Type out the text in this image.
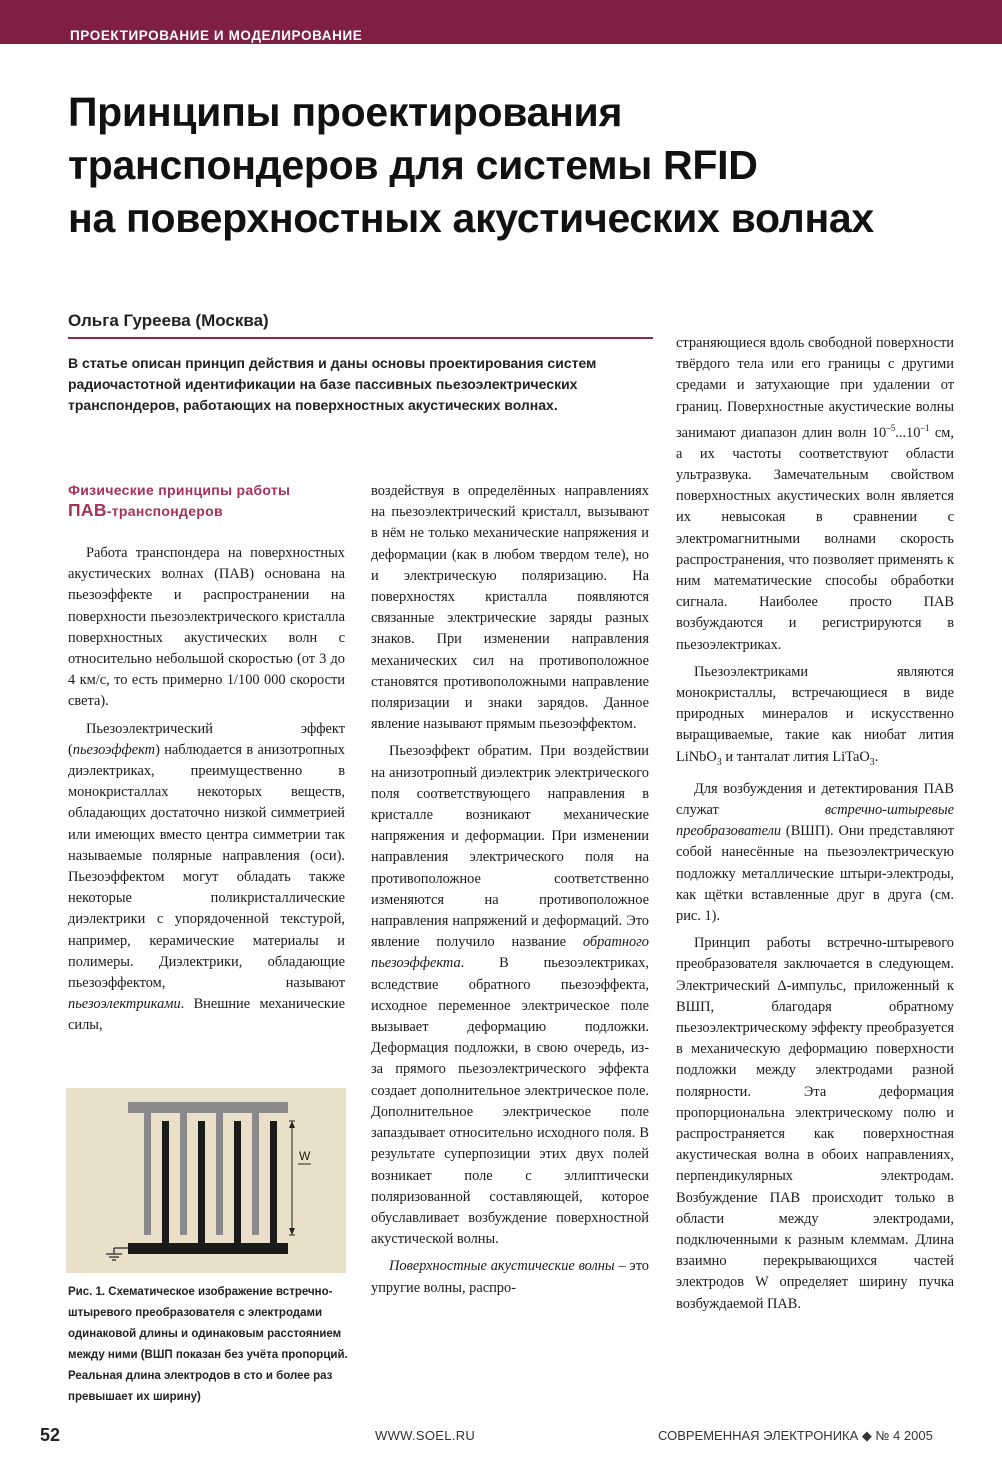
ПРОЕКТИРОВАНИЕ И МОДЕЛИРОВАНИЕ
Принципы проектирования
транспондеров для системы RFID
на поверхностных акустических волнах
Ольга Гуреева (Москва)

В статье описан принцип действия и даны основы проектирования систем радиочастотной идентификации на базе пассивных пьезоэлектрических транспондеров, работающих на поверхностных акустических волнах.

Физические принципы работы
ПАВ-транспондеров

Работа транспондера на поверхностных акустических волнах (ПАВ) основана на пьезоэффекте и распространении на поверхности пьезоэлектрического кристалла поверхностных акустических волн с относительно небольшой скоростью (от 3 до 4 км/с, то есть примерно 1/100 000 скорости света).

Пьезоэлектрический эффект (пьезоэффект) наблюдается в анизотропных диэлектриках, преимущественно в монокристаллах некоторых веществ, обладающих достаточно низкой симметрией или имеющих вместо центра симметрии так называемые полярные направления (оси). Пьезоэффектом могут обладать также некоторые поликристаллические диэлектрики с упорядоченной текстурой, например, керамические материалы и полимеры. Диэлектрики, обладающие пьезоэффектом, называют пьезоэлектриками. Внешние механические силы,

W

Рис. 1. Схематическое изображение встречно-штыревого преобразователя с электродами одинаковой длины и одинаковым расстоянием между ними (ВШП показан без учёта пропорций. Реальная длина электродов в сто и более раз превышает их ширину)

воздействуя в определённых направлениях на пьезоэлектрический кристалл, вызывают в нём не только механические напряжения и деформации (как в любом твердом теле), но и электрическую поляризацию. На поверхностях кристалла появляются связанные электрические заряды разных знаков. При изменении направления механических сил на противоположное становятся противоположными направление поляризации и знаки зарядов. Данное явление называют прямым пьезоэффектом.

Пьезоэффект обратим. При воздействии на анизотропный диэлектрик электрического поля соответствующего направления в кристалле возникают механические напряжения и деформации. При изменении направления электрического поля на противоположное соответственно изменяются на противоположное направления напряжений и деформаций. Это явление получило название обратного пьезоэффекта. В пьезоэлектриках, вследствие обратного пьезоэффекта, исходное переменное электрическое поле вызывает деформацию подложки. Деформация подложки, в свою очередь, из-за прямого пьезоэлектрического эффекта создает дополнительное электрическое поле. Дополнительное электрическое поле запаздывает относительно исходного поля. В результате суперпозиции этих двух полей возникает поле с эллиптически поляризованной составляющей, которое обуславливает возбуждение поверхностной акустической волны.

Поверхностные акустические волны – это упругие волны, распро-

страняющиеся вдоль свободной поверхности твёрдого тела или его границы с другими средами и затухающие при удалении от границ. Поверхностные акустические волны занимают диапазон длин волн $10^{-5}...10^{-1}$ см, а их частоты соответствуют области ультразвука. Замечательным свойством поверхностных акустических волн является их невысокая в сравнении с электромагнитными волнами скорость распространения, что позволяет применять к ним математические способы обработки сигнала. Наиболее просто ПАВ возбуждаются и регистрируются в пьезоэлектриках.

Пьезоэлектриками являются монокристаллы, встречающиеся в виде природных минералов и искусственно выращиваемые, такие как ниобат лития LiNbO$_3$ и танталат лития LiTaO$_3$.

Для возбуждения и детектирования ПАВ служат встречно-штыревые преобразователи (ВШП). Они представляют собой нанесённые на пьезоэлектрическую подложку металлические штыри-электроды, как щётки вставленные друг в друга (см. рис. 1).

Принцип работы встречно-штыревого преобразователя заключается в следующем. Электрический Δ-импульс, приложенный к ВШП, благодаря обратному пьезоэлектрическому эффекту преобразуется в механическую деформацию поверхности подложки между электродами разной полярности. Эта деформация пропорциональна электрическому полю и распространяется как поверхностная акустическая волна в обоих направлениях, перпендикулярных электродам. Возбуждение ПАВ происходит только в области между электродами, подключенными к разным клеммам. Длина взаимно перекрывающихся частей электродов W определяет ширину пучка возбуждаемой ПАВ.

52	WWW.SOEL.RU	СОВРЕМЕННАЯ ЭЛЕКТРОНИКА ◆ № 4 2005
